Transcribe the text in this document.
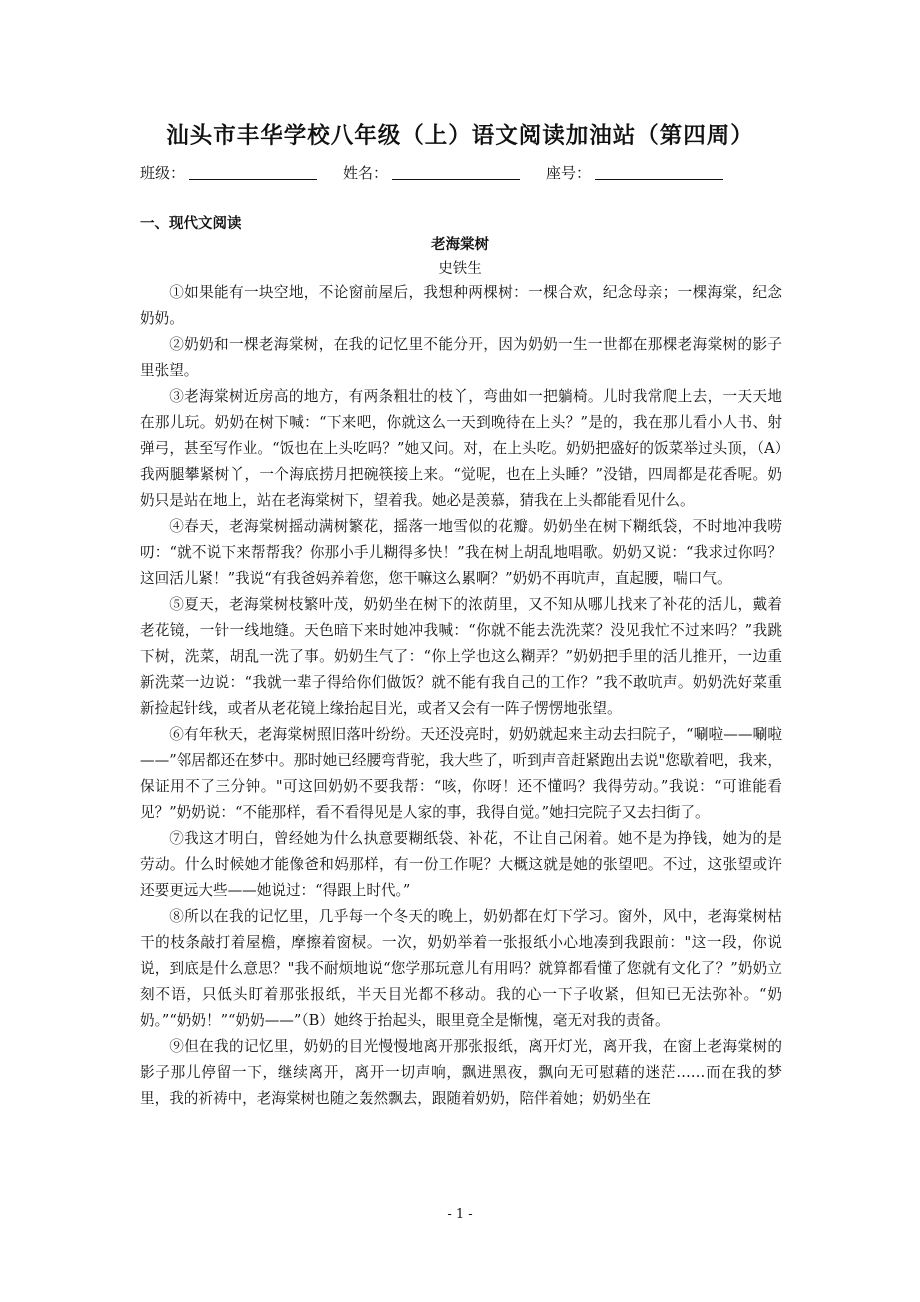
汕头市丰华学校八年级（上）语文阅读加油站（第四周）
班级：	姓名：	座号：
一、现代文阅读
老海棠树
史铁生

①如果能有一块空地，不论窗前屋后，我想种两棵树：一棵合欢，纪念母亲；一棵海棠，纪念奶奶。

②奶奶和一棵老海棠树，在我的记忆里不能分开，因为奶奶一生一世都在那棵老海棠树的影子里张望。

③老海棠树近房高的地方，有两条粗壮的枝丫，弯曲如一把躺椅。儿时我常爬上去，一天天地在那儿玩。奶奶在树下喊：“下来吧，你就这么一天到晚待在上头？”是的，我在那儿看小人书、射弹弓，甚至写作业。“饭也在上头吃吗？”她又问。对，在上头吃。奶奶把盛好的饭菜举过头顶，（A）我两腿攀紧树丫，一个海底捞月把碗筷接上来。“觉呢，也在上头睡？”没错，四周都是花香呢。奶奶只是站在地上，站在老海棠树下，望着我。她必是羡慕，猜我在上头都能看见什么。

④春天，老海棠树摇动满树繁花，摇落一地雪似的花瓣。奶奶坐在树下糊纸袋，不时地冲我唠叨：“就不说下来帮帮我？你那小手儿糊得多快！”我在树上胡乱地唱歌。奶奶又说：“我求过你吗？这回活儿紧！”我说“有我爸妈养着您，您干嘛这么累啊？”奶奶不再吭声，直起腰，喘口气。

⑤夏天，老海棠树枝繁叶茂，奶奶坐在树下的浓荫里，又不知从哪儿找来了补花的活儿，戴着老花镜，一针一线地缝。天色暗下来时她冲我喊：“你就不能去洗洗菜？没见我忙不过来吗？”我跳下树，洗菜，胡乱一洗了事。奶奶生气了：“你上学也这么糊弄？”奶奶把手里的活儿推开，一边重新洗菜一边说：“我就一辈子得给你们做饭？就不能有我自己的工作？”我不敢吭声。奶奶洗好菜重新捡起针线，或者从老花镜上缘抬起目光，或者又会有一阵子愣愣地张望。

⑥有年秋天，老海棠树照旧落叶纷纷。天还没亮时，奶奶就起来主动去扫院子，“唰啦——唰啦——”邻居都还在梦中。那时她已经腰弯背驼，我大些了，听到声音赶紧跑出去说"您歇着吧，我来，保证用不了三分钟。"可这回奶奶不要我帮：“咳，你呀！还不懂吗？我得劳动。”我说：“可谁能看见？”奶奶说：“不能那样，看不看得见是人家的事，我得自觉。”她扫完院子又去扫街了。

⑦我这才明白，曾经她为什么执意要糊纸袋、补花，不让自己闲着。她不是为挣钱，她为的是劳动。什么时候她才能像爸和妈那样，有一份工作呢？大概这就是她的张望吧。不过，这张望或许还要更远大些——她说过：“得跟上时代。”

⑧所以在我的记忆里，几乎每一个冬天的晚上，奶奶都在灯下学习。窗外，风中，老海棠树枯干的枝条敲打着屋檐，摩擦着窗棂。一次，奶奶举着一张报纸小心地凑到我跟前："这一段，你说说，到底是什么意思？"我不耐烦地说“您学那玩意儿有用吗？就算都看懂了您就有文化了？”奶奶立刻不语，只低头盯着那张报纸，半天目光都不移动。我的心一下子收紧，但知已无法弥补。“奶奶。”“奶奶！”“奶奶——”（B）她终于抬起头，眼里竟全是惭愧，毫无对我的责备。

⑨但在我的记忆里，奶奶的目光慢慢地离开那张报纸，离开灯光，离开我，在窗上老海棠树的影子那儿停留一下，继续离开，离开一切声响，飘进黑夜，飘向无可慰藉的迷茫……而在我的梦里，我的祈祷中，老海棠树也随之轰然飘去，跟随着奶奶，陪伴着她；奶奶坐在

- 1 -
